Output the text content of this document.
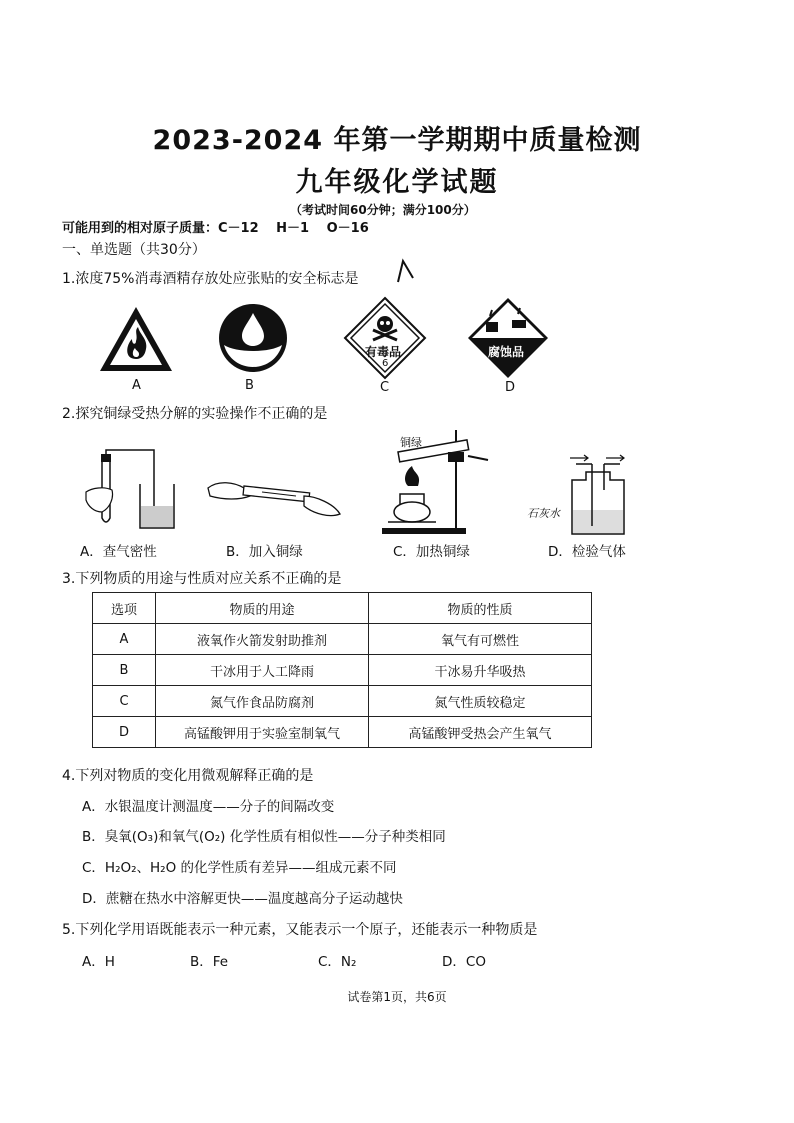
2023-2024 年第一学期期中质量检测
九年级化学试题
（考试时间60分钟；满分100分）
可能用到的相对原子质量：C－12　 H－1 　O－16
一、单选题（共30分）
1.浓度75%消毒酒精存放处应张贴的安全标志是
A	B
有毒品
6
C
腐蚀品
D
2.探究铜绿受热分解的实验操作不正确的是
A．查气密性	B．加入铜绿
铜绿
C．加热铜绿
石灰水
D．检验气体
3.下列物质的用途与性质对应关系不正确的是
选项	物质的用途	物质的性质
A	液氧作火箭发射助推剂	氧气有可燃性
B	干冰用于人工降雨	干冰易升华吸热
C	氮气作食品防腐剂	氮气性质较稳定
D	高锰酸钾用于实验室制氧气	高锰酸钾受热会产生氧气
4.下列对物质的变化用微观解释正确的是
A．水银温度计测温度——分子的间隔改变
B．臭氧(O₃)和氧气(O₂) 化学性质有相似性——分子种类相同
C．H₂O₂、H₂O 的化学性质有差异——组成元素不同
D．蔗糖在热水中溶解更快——温度越高分子运动越快
5.下列化学用语既能表示一种元素，又能表示一个原子，还能表示一种物质是
A．H	B．Fe	C．N₂	D．CO
试卷第1页，共6页
